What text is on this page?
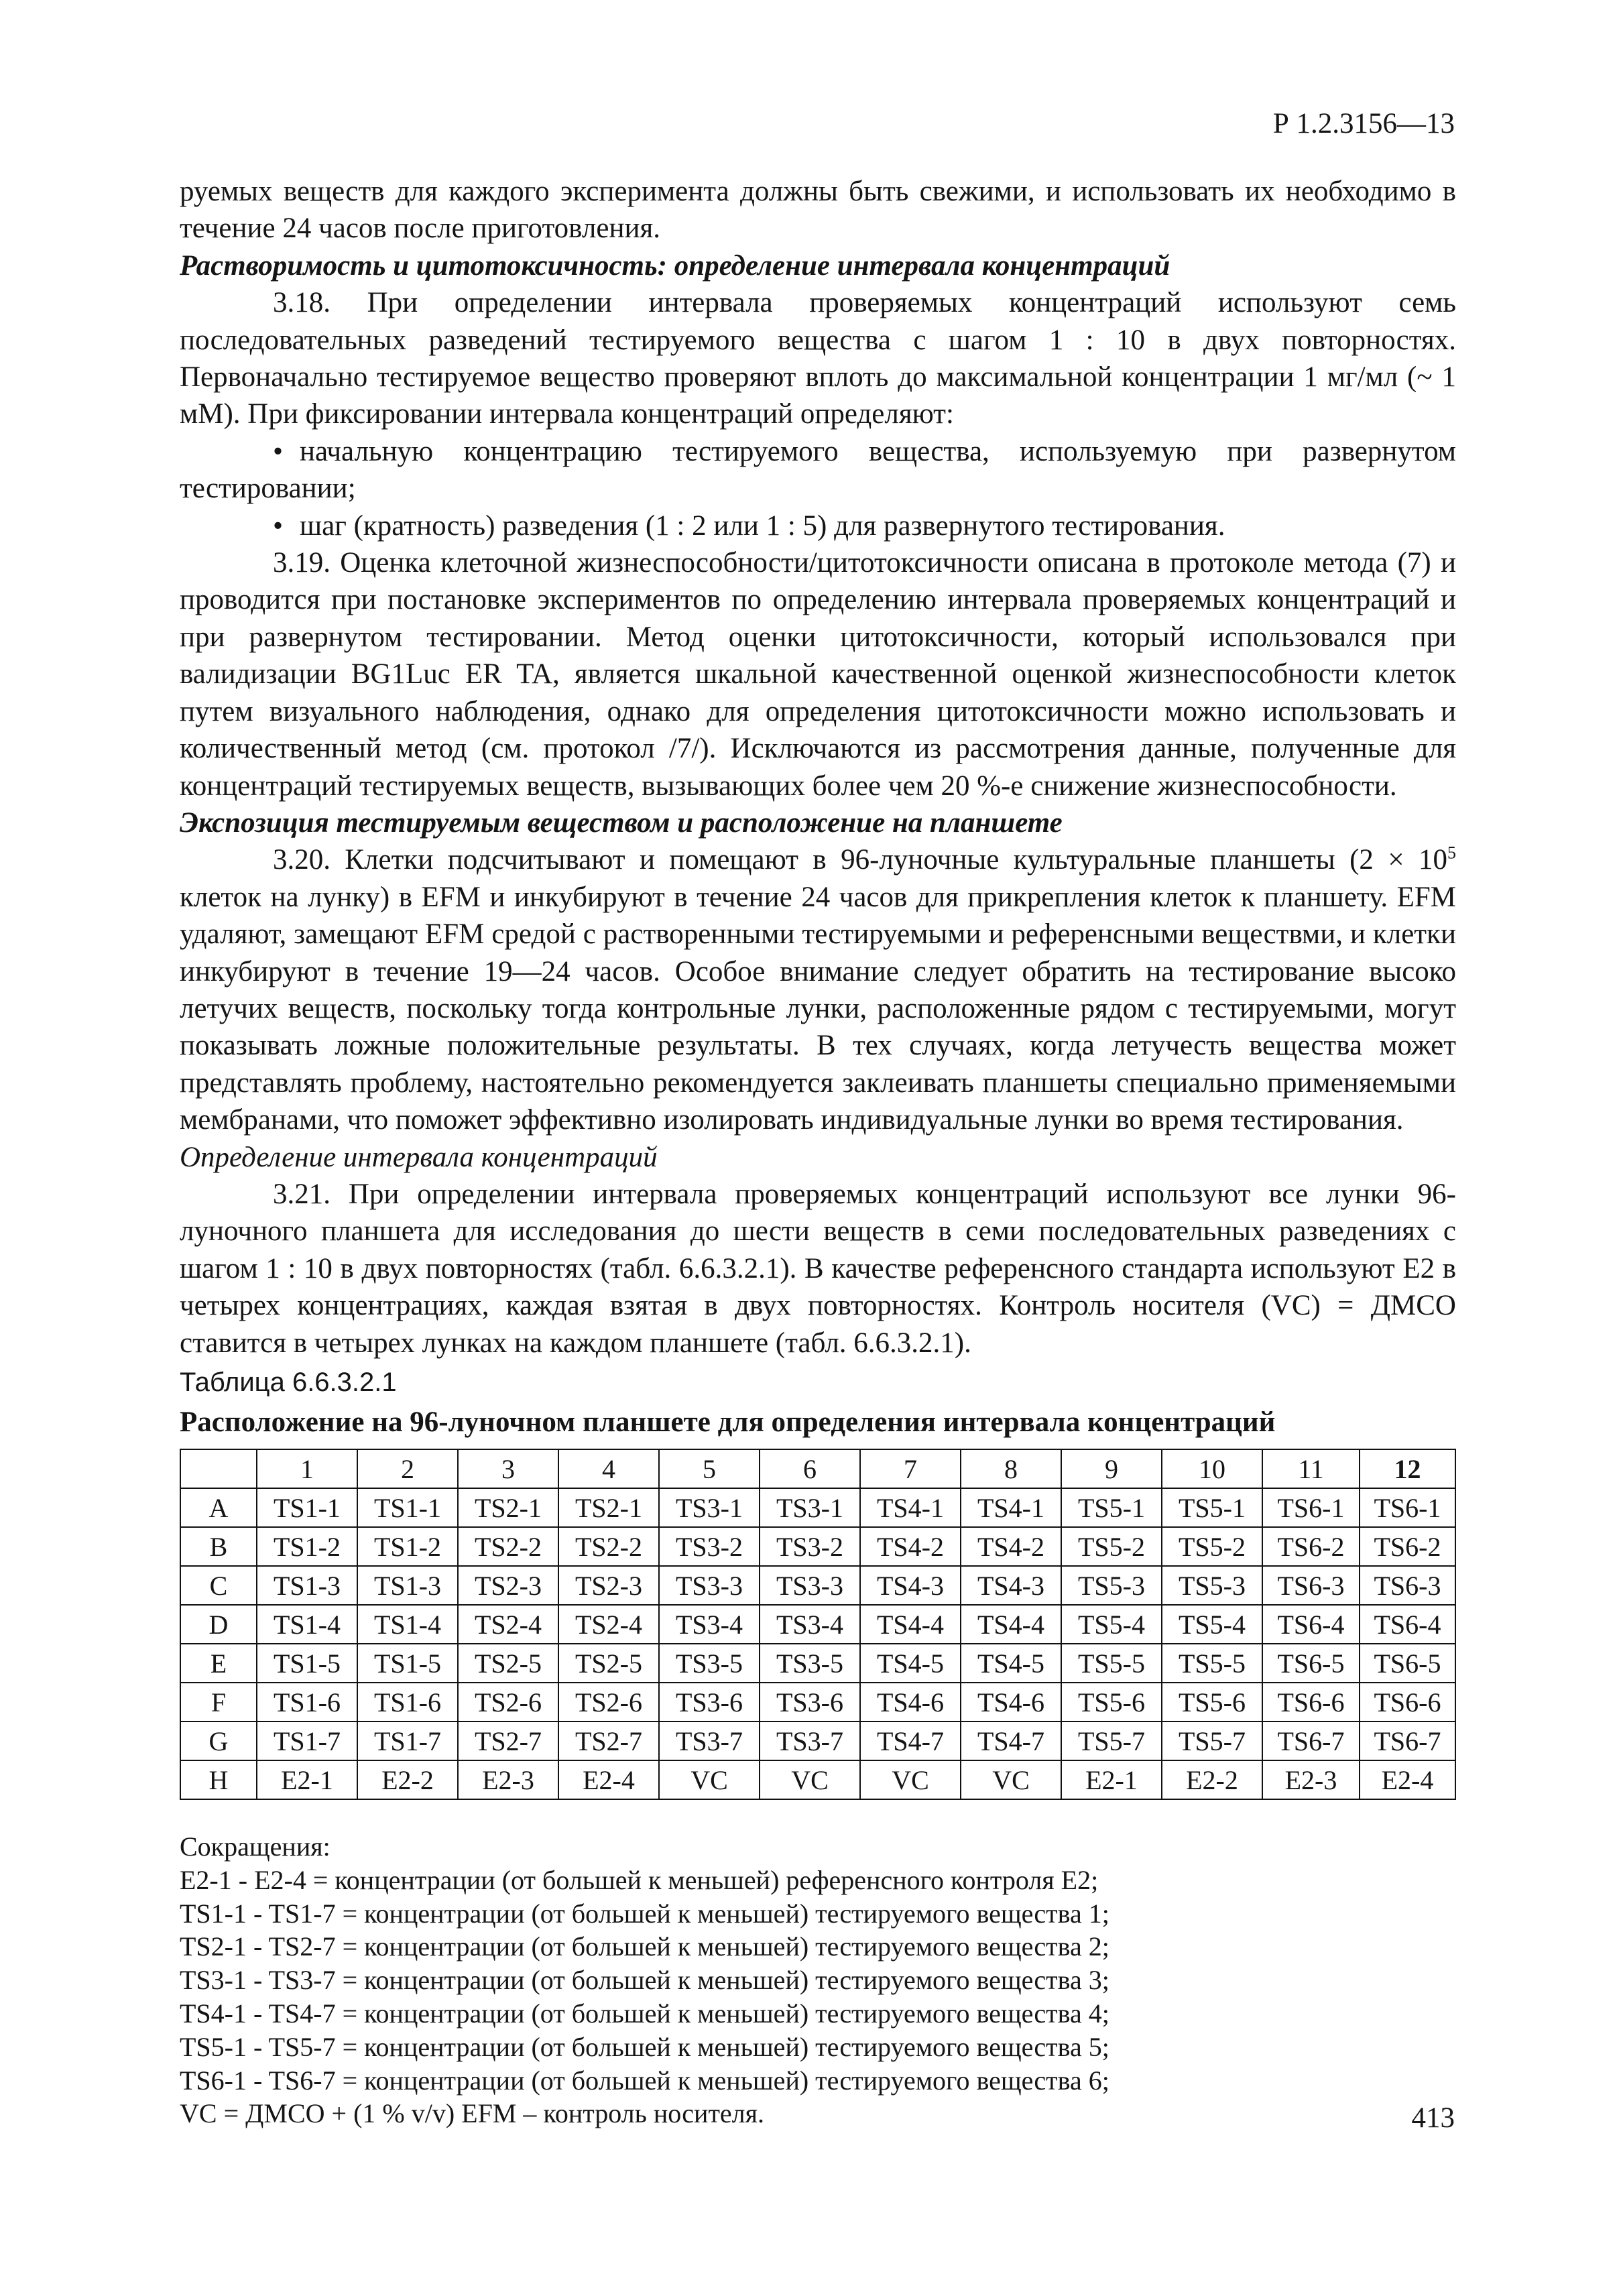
Р 1.2.3156—13

руемых веществ для каждого эксперимента должны быть свежими, и использовать их необходимо в течение 24 часов после приготовления.

Растворимость и цитотоксичность: определение интервала концентраций

3.18. При определении интервала проверяемых концентраций используют семь последовательных разведений тестируемого вещества с шагом 1 : 10 в двух повторностях. Первоначально тестируемое вещество проверяют вплоть до максимальной концентрации 1 мг/мл (~ 1 мМ). При фиксировании интервала концентраций определяют:

• начальную концентрацию тестируемого вещества, используемую при развернутом тестировании;

• шаг (кратность) разведения (1 : 2 или 1 : 5) для развернутого тестирования.

3.19. Оценка клеточной жизнеспособности/цитотоксичности описана в протоколе метода (7) и проводится при постановке экспериментов по определению интервала проверяемых концентраций и при развернутом тестировании. Метод оценки цитотоксичности, который использовался при валидизации BG1Luc ER TA, является шкальной качественной оценкой жизнеспособности клеток путем визуального наблюдения, однако для определения цитотоксичности можно использовать и количественный метод (см. протокол /7/). Исключаются из рассмотрения данные, полученные для концентраций тестируемых веществ, вызывающих более чем 20 %-е снижение жизнеспособности.

Экспозиция тестируемым веществом и расположение на планшете

3.20. Клетки подсчитывают и помещают в 96-луночные культуральные планшеты ($2 \times 10^5$ клеток на лунку) в EFM и инкубируют в течение 24 часов для прикрепления клеток к планшету. EFM удаляют, замещают EFM средой с растворенными тестируемыми и референсными веществми, и клетки инкубируют в течение 19—24 часов. Особое внимание следует обратить на тестирование высоко летучих веществ, поскольку тогда контрольные лунки, расположенные рядом с тестируемыми, могут показывать ложные положительные результаты. В тех случаях, когда летучесть вещества может представлять проблему, настоятельно рекомендуется заклеивать планшеты специально применяемыми мембранами, что поможет эффективно изолировать индивидуальные лунки во время тестирования.

Определение интервала концентраций

3.21. При определении интервала проверяемых концентраций используют все лунки 96-луночного планшета для исследования до шести веществ в семи последовательных разведениях с шагом 1 : 10 в двух повторностях (табл. 6.6.3.2.1). В качестве референсного стандарта используют E2 в четырех концентрациях, каждая взятая в двух повторностях. Контроль носителя (VC) = ДМСО ставится в четырех лунках на каждом планшете (табл. 6.6.3.2.1).

Таблица 6.6.3.2.1

Расположение на 96-луночном планшете для определения интервала концентраций

	1	2	3	4	5	6	7	8	9	10	11	12
A	TS1-1	TS1-1	TS2-1	TS2-1	TS3-1	TS3-1	TS4-1	TS4-1	TS5-1	TS5-1	TS6-1	TS6-1
B	TS1-2	TS1-2	TS2-2	TS2-2	TS3-2	TS3-2	TS4-2	TS4-2	TS5-2	TS5-2	TS6-2	TS6-2
C	TS1-3	TS1-3	TS2-3	TS2-3	TS3-3	TS3-3	TS4-3	TS4-3	TS5-3	TS5-3	TS6-3	TS6-3
D	TS1-4	TS1-4	TS2-4	TS2-4	TS3-4	TS3-4	TS4-4	TS4-4	TS5-4	TS5-4	TS6-4	TS6-4
E	TS1-5	TS1-5	TS2-5	TS2-5	TS3-5	TS3-5	TS4-5	TS4-5	TS5-5	TS5-5	TS6-5	TS6-5
F	TS1-6	TS1-6	TS2-6	TS2-6	TS3-6	TS3-6	TS4-6	TS4-6	TS5-6	TS5-6	TS6-6	TS6-6
G	TS1-7	TS1-7	TS2-7	TS2-7	TS3-7	TS3-7	TS4-7	TS4-7	TS5-7	TS5-7	TS6-7	TS6-7
H	E2-1	E2-2	E2-3	E2-4	VC	VC	VC	VC	E2-1	E2-2	E2-3	E2-4

Сокращения:

E2-1 - E2-4 = концентрации (от большей к меньшей) референсного контроля E2;

TS1-1 - TS1-7 = концентрации (от большей к меньшей) тестируемого вещества 1;

TS2-1 - TS2-7 = концентрации (от большей к меньшей) тестируемого вещества 2;

TS3-1 - TS3-7 = концентрации (от большей к меньшей) тестируемого вещества 3;

TS4-1 - TS4-7 = концентрации (от большей к меньшей) тестируемого вещества 4;

TS5-1 - TS5-7 = концентрации (от большей к меньшей) тестируемого вещества 5;

TS6-1 - TS6-7 = концентрации (от большей к меньшей) тестируемого вещества 6;

VC = ДМСО + (1 % v/v) EFM – контроль носителя.	413
